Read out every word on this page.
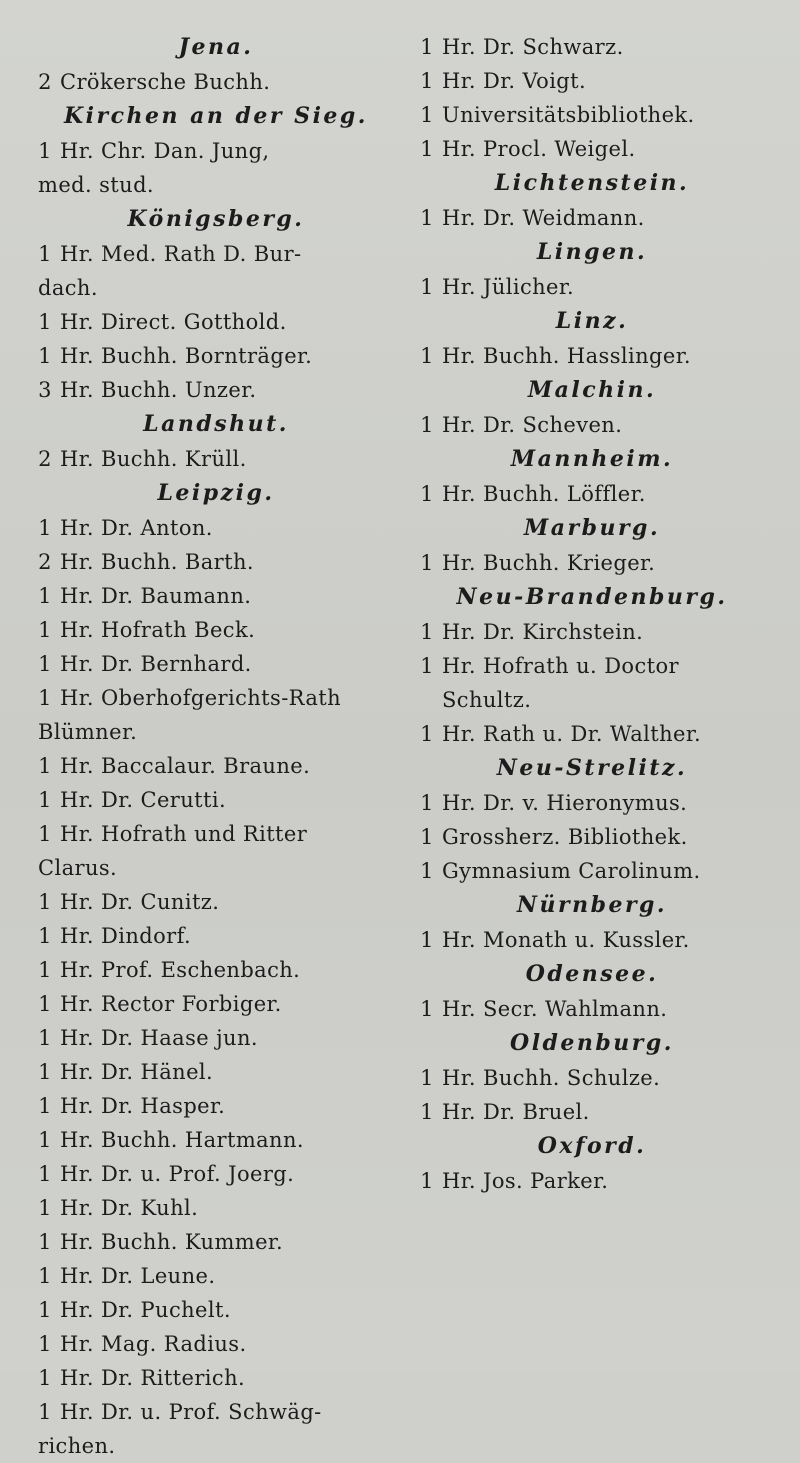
Jena.
2 Crökersche Buchh.
Kirchen an der Sieg.
1 Hr. Chr. Dan. Jung,
med. stud.
Königsberg.
1 Hr. Med. Rath D. Bur-
dach.
1 Hr. Direct. Gotthold.
1 Hr. Buchh. Bornträger.
3 Hr. Buchh. Unzer.
Landshut.
2 Hr. Buchh. Krüll.
Leipzig.
1 Hr. Dr. Anton.
2 Hr. Buchh. Barth.
1 Hr. Dr. Baumann.
1 Hr. Hofrath Beck.
1 Hr. Dr. Bernhard.
1 Hr. Oberhofgerichts-Rath
Blümner.
1 Hr. Baccalaur. Braune.
1 Hr. Dr. Cerutti.
1 Hr. Hofrath und Ritter
Clarus.
1 Hr. Dr. Cunitz.
1 Hr. Dindorf.
1 Hr. Prof. Eschenbach.
1 Hr. Rector Forbiger.
1 Hr. Dr. Haase jun.
1 Hr. Dr. Hänel.
1 Hr. Dr. Hasper.
1 Hr. Buchh. Hartmann.
1 Hr. Dr. u. Prof. Joerg.
1 Hr. Dr. Kuhl.
1 Hr. Buchh. Kummer.
1 Hr. Dr. Leune.
1 Hr. Dr. Puchelt.
1 Hr. Mag. Radius.
1 Hr. Dr. Ritterich.
1 Hr. Dr. u. Prof. Schwäg-
richen.
1 Hr. Dr. Schwarz.
1 Hr. Dr. Voigt.
1 Universitätsbibliothek.
1 Hr. Procl. Weigel.
Lichtenstein.
1 Hr. Dr. Weidmann.
Lingen.
1 Hr. Jülicher.
Linz.
1 Hr. Buchh. Hasslinger.
Malchin.
1 Hr. Dr. Scheven.
Mannheim.
1 Hr. Buchh. Löffler.
Marburg.
1 Hr. Buchh. Krieger.
Neu-Brandenburg.
1 Hr. Dr. Kirchstein.
1 Hr. Hofrath u. Doctor Schultz.
1 Hr. Rath u. Dr. Walther.
Neu-Strelitz.
1 Hr. Dr. v. Hieronymus.
1 Grossherz. Bibliothek.
1 Gymnasium Carolinum.
Nürnberg.
1 Hr. Monath u. Kussler.
Odensee.
1 Hr. Secr. Wahlmann.
Oldenburg.
1 Hr. Buchh. Schulze.
1 Hr. Dr. Bruel.
Oxford.
1 Hr. Jos. Parker.
